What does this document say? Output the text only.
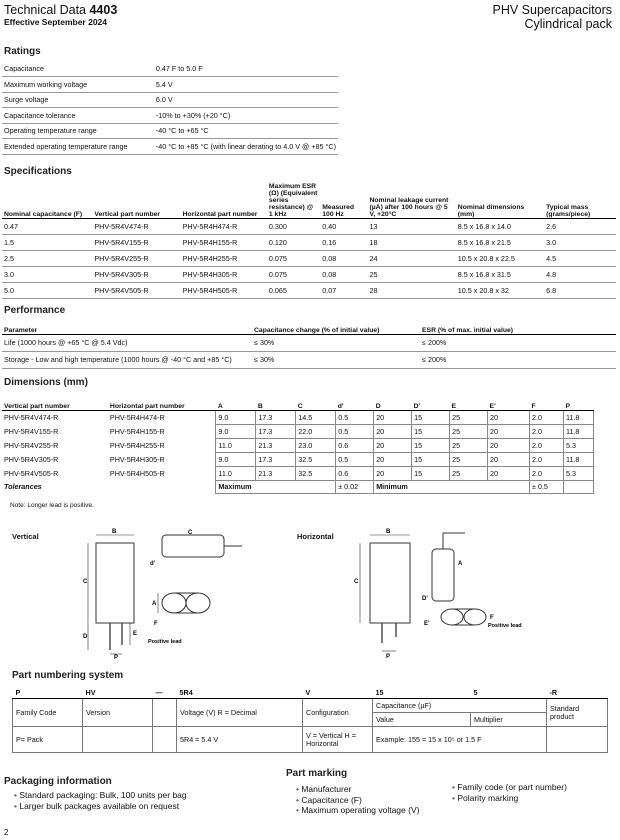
Technical Data 4403
Effective September 2024
PHV Supercapacitors
Cylindrical pack
Ratings
Capacitance	0.47 F to 5.0 F
Maximum working voltage	5.4 V
Surge voltage	6.0 V
Capacitance tolerance	-10% to +30% (+20 °C)
Operating temperature range	-40 °C to +65 °C
Extended operating temperature range	-40 °C to +85 °C (with linear derating to 4.0 V @ +85 °C)
Specifications
Nominal capacitance (F)	Vertical part number	Horizontal part number	Maximum ESR (Ω) (Equivalent series resistance) @ 1 kHz	Measured 100 Hz	Nominal leakage current (µA) after 100 hours @ 5 V, +20°C	Nominal dimensions (mm)	Typical mass (grams/piece)
0.47	PHV-5R4V474-R	PHV-5R4H474-R	0.300	0.40	13	8.5 x 16.8 x 14.0	2.6
1.5	PHV-5R4V155-R	PHV-5R4H155-R	0.120	0.16	18	8.5 x 16.8 x 21.5	3.0
2.5	PHV-5R4V255-R	PHV-5R4H255-R	0.075	0.08	24	10.5 x 20.8 x 22.5	4.5
3.0	PHV-5R4V305-R	PHV-5R4H305-R	0.075	0.08	25	8.5 x 16.8 x 31.5	4.8
5.0	PHV-5R4V505-R	PHV-5R4H505-R	0.065	0.07	28	10.5 x 20.8 x 32	6.8
Performance
Parameter	Capacitance change (% of initial value)	ESR (% of max. initial value)
Life (1000 hours @ +65 °C @ 5.4 Vdc)	≤ 30%	≤ 200%
Storage - Low and high temperature (1000 hours @ -40 °C and +85 °C)	≤ 30%	≤ 200%
Dimensions (mm)
Vertical part number	Horizontal part number	A	B	C	d'	D	D'	E	E'	F	P
PHV-5R4V474-R	PHV-5R4H474-R	9.0	17.3	14.5	0.5	20	15	25	20	2.0	11.8
PHV-5R4V155-R	PHV-5R4H155-R	9.0	17.3	22.0	0.5	20	15	25	20	2.0	11.8
PHV-5R4V255-R	PHV-5R4H255-R	11.0	21.3	23.0	0.6	20	15	25	20	2.0	5.3
PHV-5R4V305-R	PHV-5R4H305-R	9.0	17.3	32.5	0.5	20	15	25	20	2.0	11.8
PHV-5R4V505-R	PHV-5R4H505-R	11.0	21.3	32.5	0.6	20	15	25	20	2.0	5.3
Tolerances		Maximum			± 0.02	Minimum				± 0.5	
Note: Longer lead is positive.
Vertical	Horizontal
B
C
D
P
E
C
d'
A
F
Positive lead
B
C
P
A
D'
F
Positive lead
E'
Part numbering system
P	HV	—	5R4	V	15	5	-R
Family Code	Version		Voltage (V) R = Decimal	Configuration	Capacitance (µF)		Standard product
					Value	Multiplier	
P= Pack			5R4 = 5.4 V	V = Vertical H = Horizontal	Example: 155 = 15 x 10⁵ or 1.5 F		
Packaging information
• Standard packaging: Bulk, 100 units per bag
• Larger bulk packages available on request
Part marking
• Manufacturer
• Capacitance (F)
• Maximum operating voltage (V)
• Family code (or part number)
• Polarity marking
2
